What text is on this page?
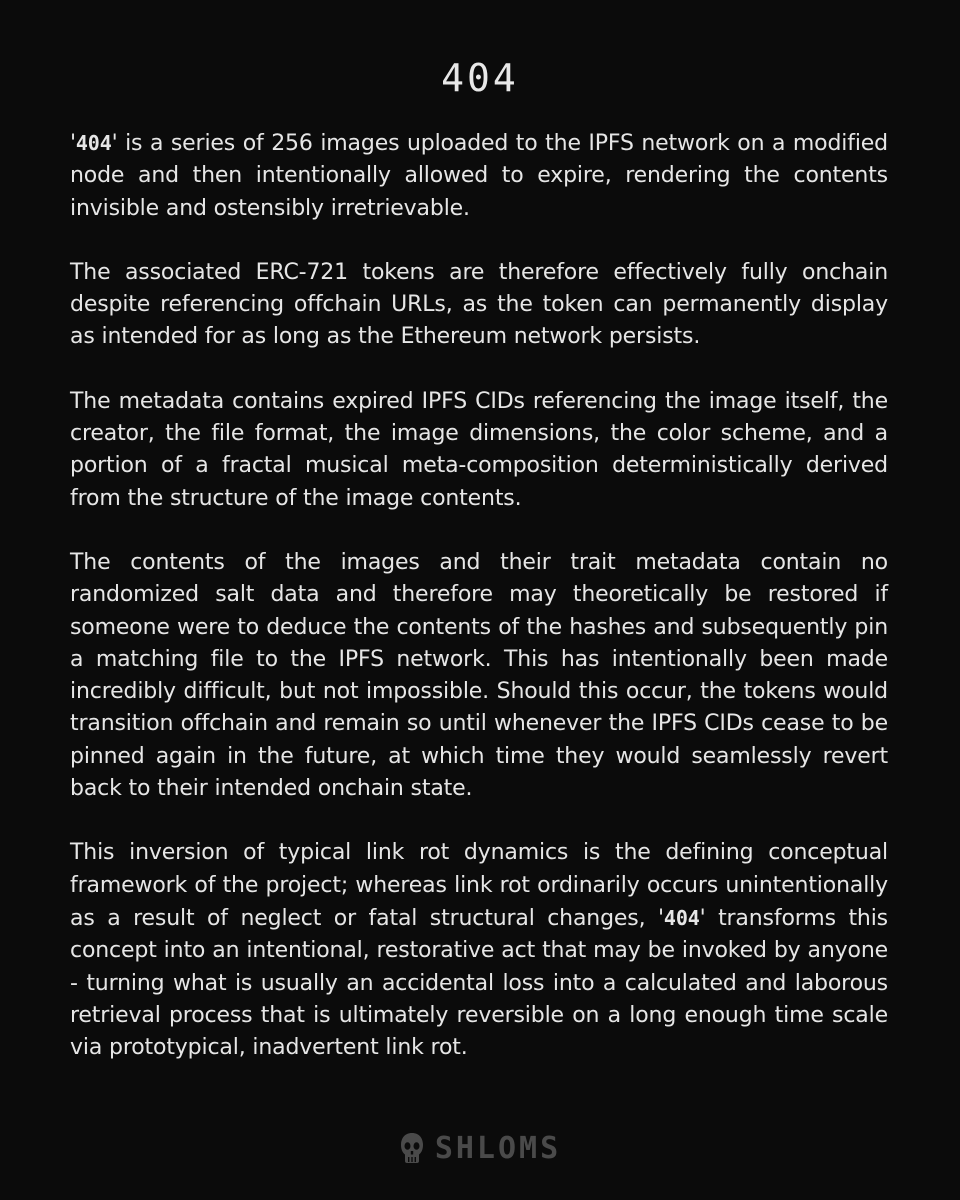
404

'404' is a series of 256 images uploaded to the IPFS network on a modified node and then intentionally allowed to expire, rendering the contents invisible and ostensibly irretrievable.

The associated ERC-721 tokens are therefore effectively fully onchain despite referencing offchain URLs, as the token can permanently display as intended for as long as the Ethereum network persists.

The metadata contains expired IPFS CIDs referencing the image itself, the creator, the file format, the image dimensions, the color scheme, and a portion of a fractal musical meta-composition deterministically derived from the structure of the image contents.

The contents of the images and their trait metadata contain no randomized salt data and therefore may theoretically be restored if someone were to deduce the contents of the hashes and subsequently pin a matching file to the IPFS network. This has intentionally been made incredibly difficult, but not impossible. Should this occur, the tokens would transition offchain and remain so until whenever the IPFS CIDs cease to be pinned again in the future, at which time they would seamlessly revert back to their intended onchain state.

This inversion of typical link rot dynamics is the defining conceptual framework of the project; whereas link rot ordinarily occurs unintentionally as a result of neglect or fatal structural changes, '404' transforms this concept into an intentional, restorative act that may be invoked by anyone - turning what is usually an accidental loss into a calculated and laborous retrieval process that is ultimately reversible on a long enough time scale via prototypical, inadvertent link rot.

SHLOMS
